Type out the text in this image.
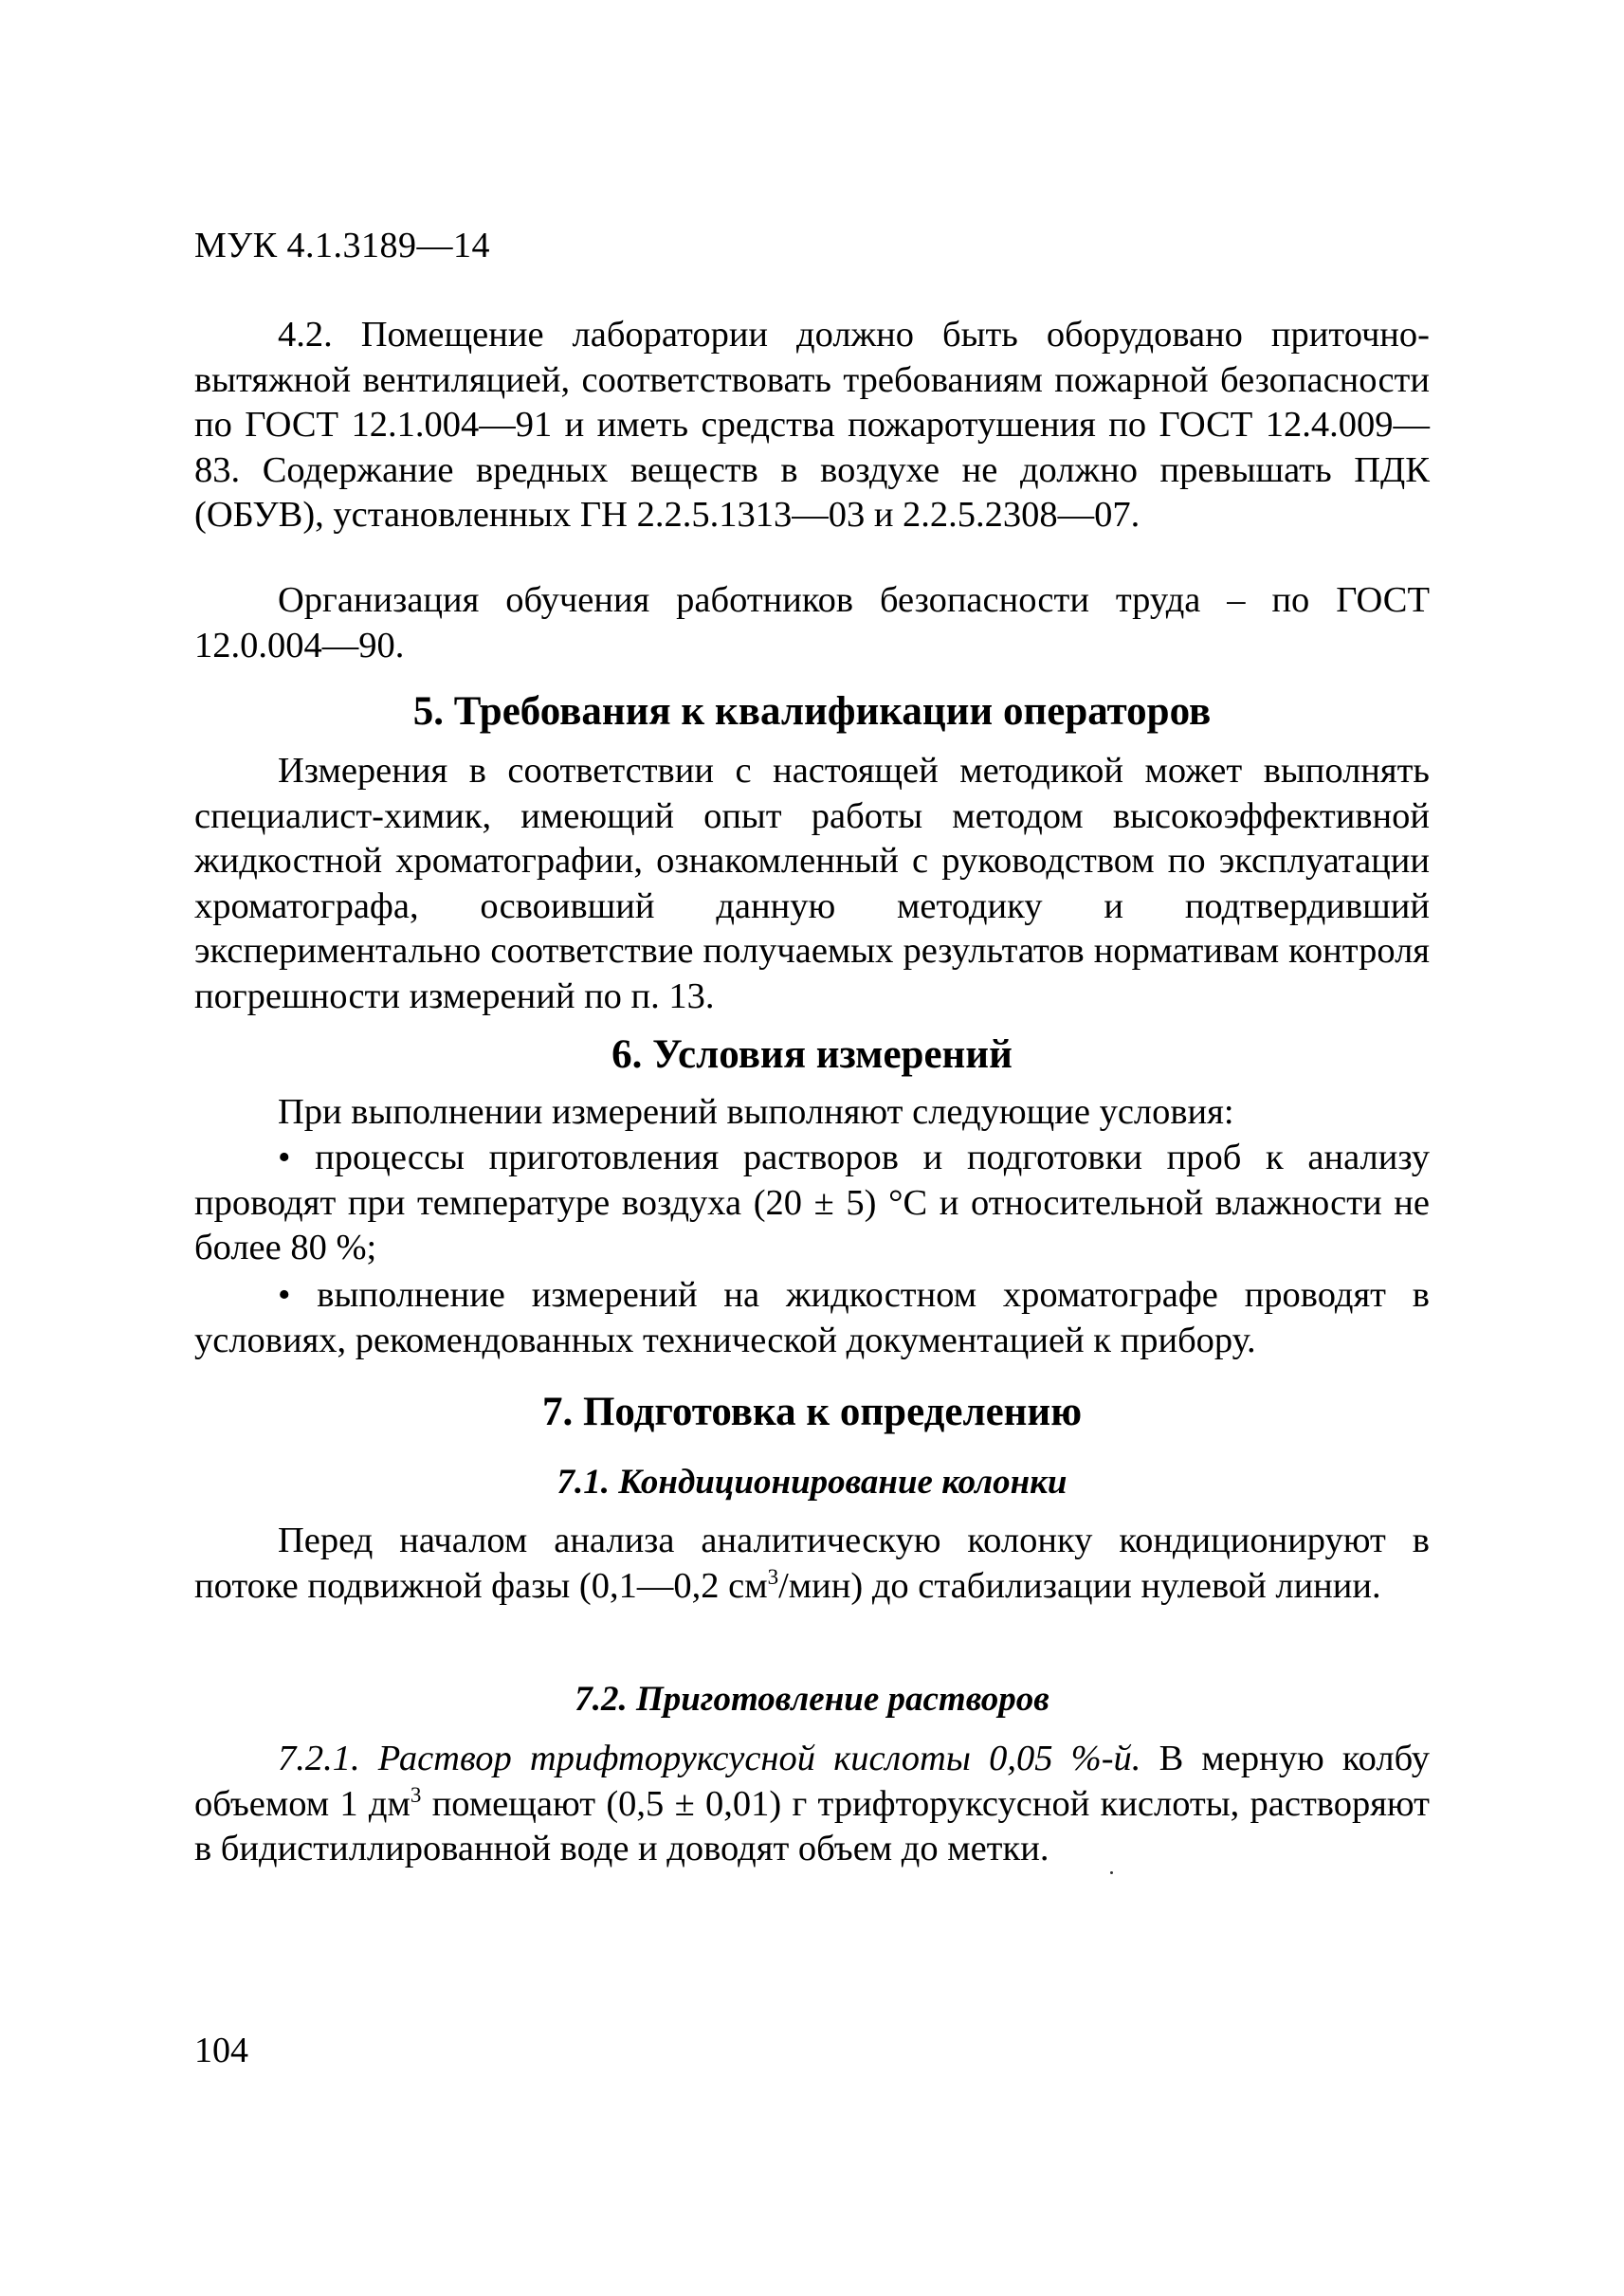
МУК 4.1.3189—14

4.2. Помещение лаборатории должно быть оборудовано приточно-вытяжной вентиляцией, соответствовать требованиям пожарной безопасности по ГОСТ 12.1.004—91 и иметь средства пожаротушения по ГОСТ 12.4.009—83. Содержание вредных веществ в воздухе не должно превышать ПДК (ОБУВ), установленных ГН 2.2.5.1313—03 и 2.2.5.2308—07.

Организация обучения работников безопасности труда – по ГОСТ 12.0.004—90.

5. Требования к квалификации операторов

Измерения в соответствии с настоящей методикой может выполнять специалист-химик, имеющий опыт работы методом высокоэффективной жидкостной хроматографии, ознакомленный с руководством по эксплуатации хроматографа, освоивший данную методику и подтвердивший экспериментально соответствие получаемых результатов нормативам контроля погрешности измерений по п. 13.

6. Условия измерений

При выполнении измерений выполняют следующие условия:

• процессы приготовления растворов и подготовки проб к анализу проводят при температуре воздуха (20 ± 5) °С и относительной влажности не более 80 %;

• выполнение измерений на жидкостном хроматографе проводят в условиях, рекомендованных технической документацией к прибору.

7. Подготовка к определению
7.1. Кондиционирование колонки

Перед началом анализа аналитическую колонку кондиционируют в потоке подвижной фазы (0,1—0,2 $см^3/мин$) до стабилизации нулевой линии.

7.2. Приготовление растворов

7.2.1. Раствор трифторуксусной кислоты 0,05 %-й. В мерную колбу объемом 1 $дм^3$ помещают (0,5 ± 0,01) г трифторуксусной кислоты, растворяют в бидистиллированной воде и доводят объем до метки.

104
